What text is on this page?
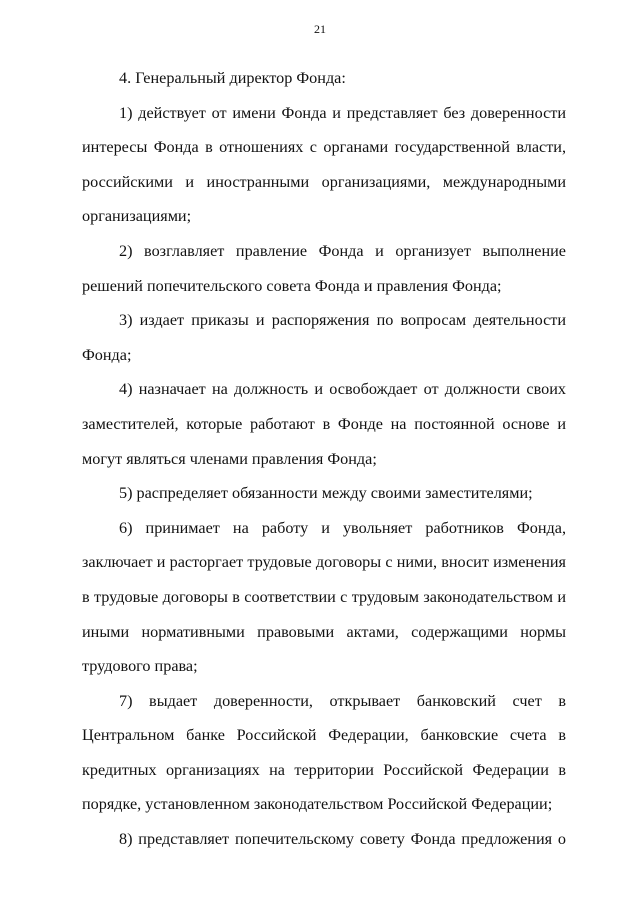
21

4. Генеральный директор Фонда:

1) действует от имени Фонда и представляет без доверенности интересы Фонда в отношениях с органами государственной власти, российскими и иностранными организациями, международными организациями;

2) возглавляет правление Фонда и организует выполнение решений попечительского совета Фонда и правления Фонда;

3) издает приказы и распоряжения по вопросам деятельности Фонда;

4) назначает на должность и освобождает от должности своих заместителей, которые работают в Фонде на постоянной основе и могут являться членами правления Фонда;

5) распределяет обязанности между своими заместителями;

6) принимает на работу и увольняет работников Фонда, заключает и расторгает трудовые договоры с ними, вносит изменения в трудовые договоры в соответствии с трудовым законодательством и иными нормативными правовыми актами, содержащими нормы трудового права;

7) выдает доверенности, открывает банковский счет в Центральном банке Российской Федерации, банковские счета в кредитных организациях на территории Российской Федерации в порядке, установленном законодательством Российской Федерации;

8) представляет попечительскому совету Фонда предложения о
